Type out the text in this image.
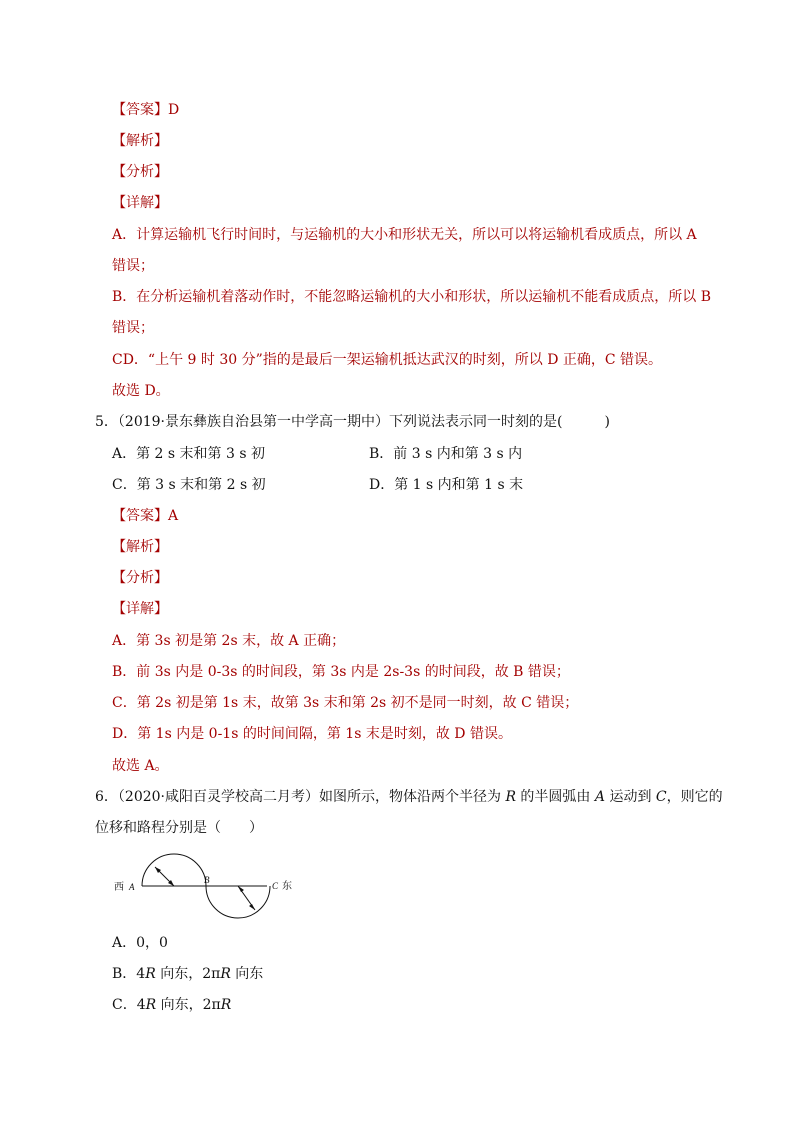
【答案】D
【解析】
【分析】
【详解】
A．计算运输机飞行时间时，与运输机的大小和形状无关，所以可以将运输机看成质点，所以 A
错误；
B．在分析运输机着落动作时，不能忽略运输机的大小和形状，所以运输机不能看成质点，所以 B
错误；
CD．“上午 9 时 30 分”指的是最后一架运输机抵达武汉的时刻，所以 D 正确，C 错误。
故选 D。
5．（2019·景东彝族自治县第一中学高一期中）下列说法表示同一时刻的是(　　　)
A．第 2 s 末和第 3 s 初	B．前 3 s 内和第 3 s 内
C．第 3 s 末和第 2 s 初	D．第 1 s 内和第 1 s 末
【答案】A
【解析】
【分析】
【详解】
A．第 3s 初是第 2s 末，故 A 正确；
B．前 3s 内是 0-3s 的时间段，第 3s 内是 2s-3s 的时间段，故 B 错误；
C．第 2s 初是第 1s 末，故第 3s 末和第 2s 初不是同一时刻，故 C 错误；
D．第 1s 内是 0-1s 的时间间隔，第 1s 末是时刻，故 D 错误。
故选 A。
6．（2020·咸阳百灵学校高二月考）如图所示，物体沿两个半径为 R 的半圆弧由 A 运动到 C，则它的
位移和路程分别是（　　）
西 A
B
C 东
A．0，0
B．4R 向东，2πR 向东
C．4R 向东，2πR
